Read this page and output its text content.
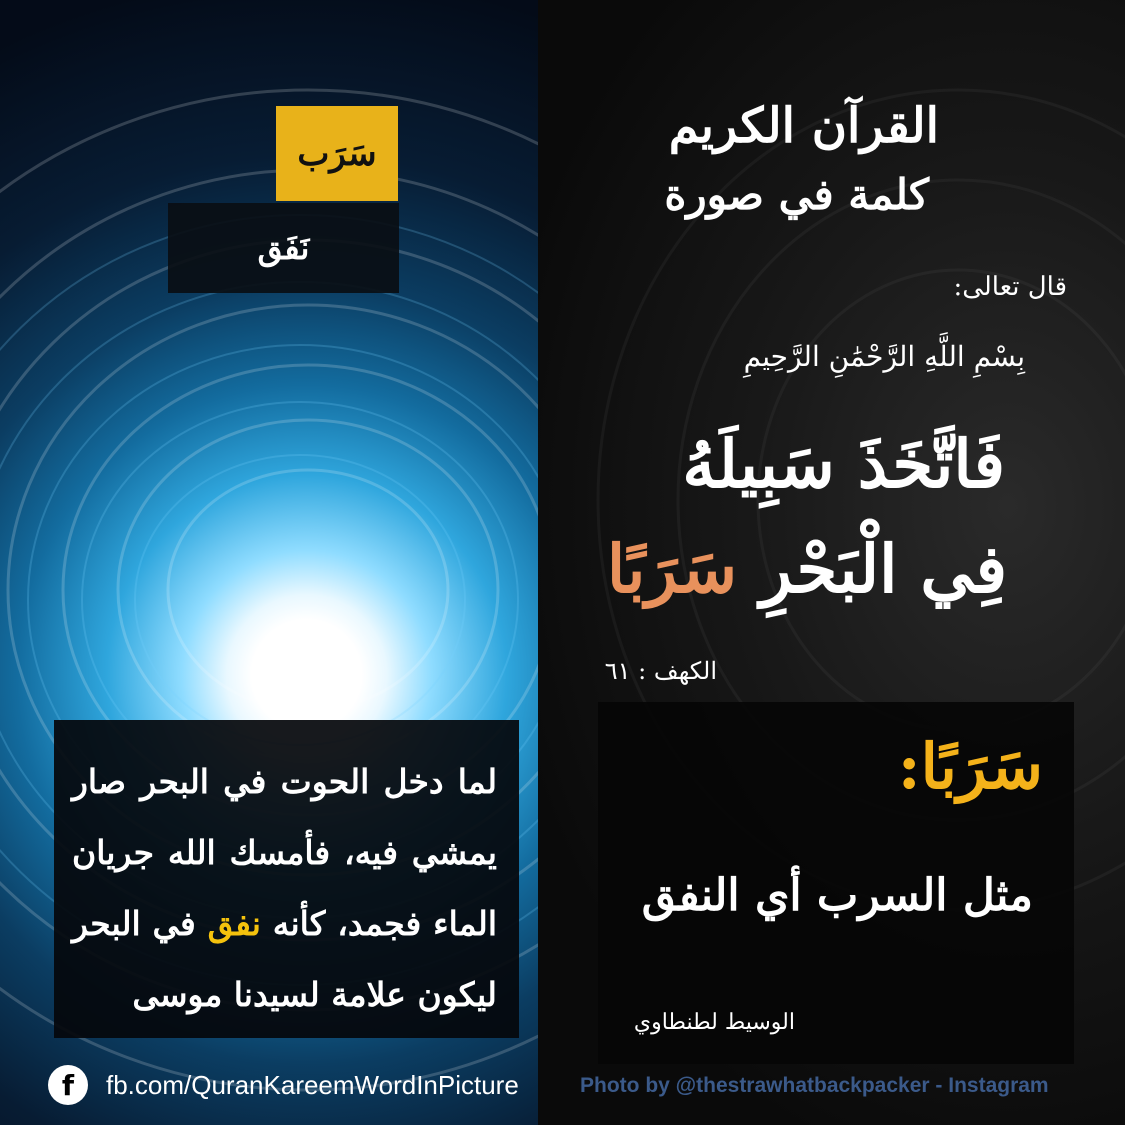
سَرَب
نَفَق
لما دخل الحوت في البحر صار يمشي فيه، فأمسك الله جريان الماء فجمد، كأنه نفق في البحر ليكون علامة لسيدنا موسى
f	fb.com/QuranKareemWordInPicture
القرآن الكريم
كلمة في صورة
قال تعالى:
بِسْمِ اللَّهِ الرَّحْمَٰنِ الرَّحِيمِ
فَاتَّخَذَ سَبِيلَهُ
فِي الْبَحْرِ سَرَبًا
الكهف : ٦١
سَرَبًا:
مثل السرب أي النفق
الوسيط لطنطاوي
Photo by @thestrawhatbackpacker - Instagram
